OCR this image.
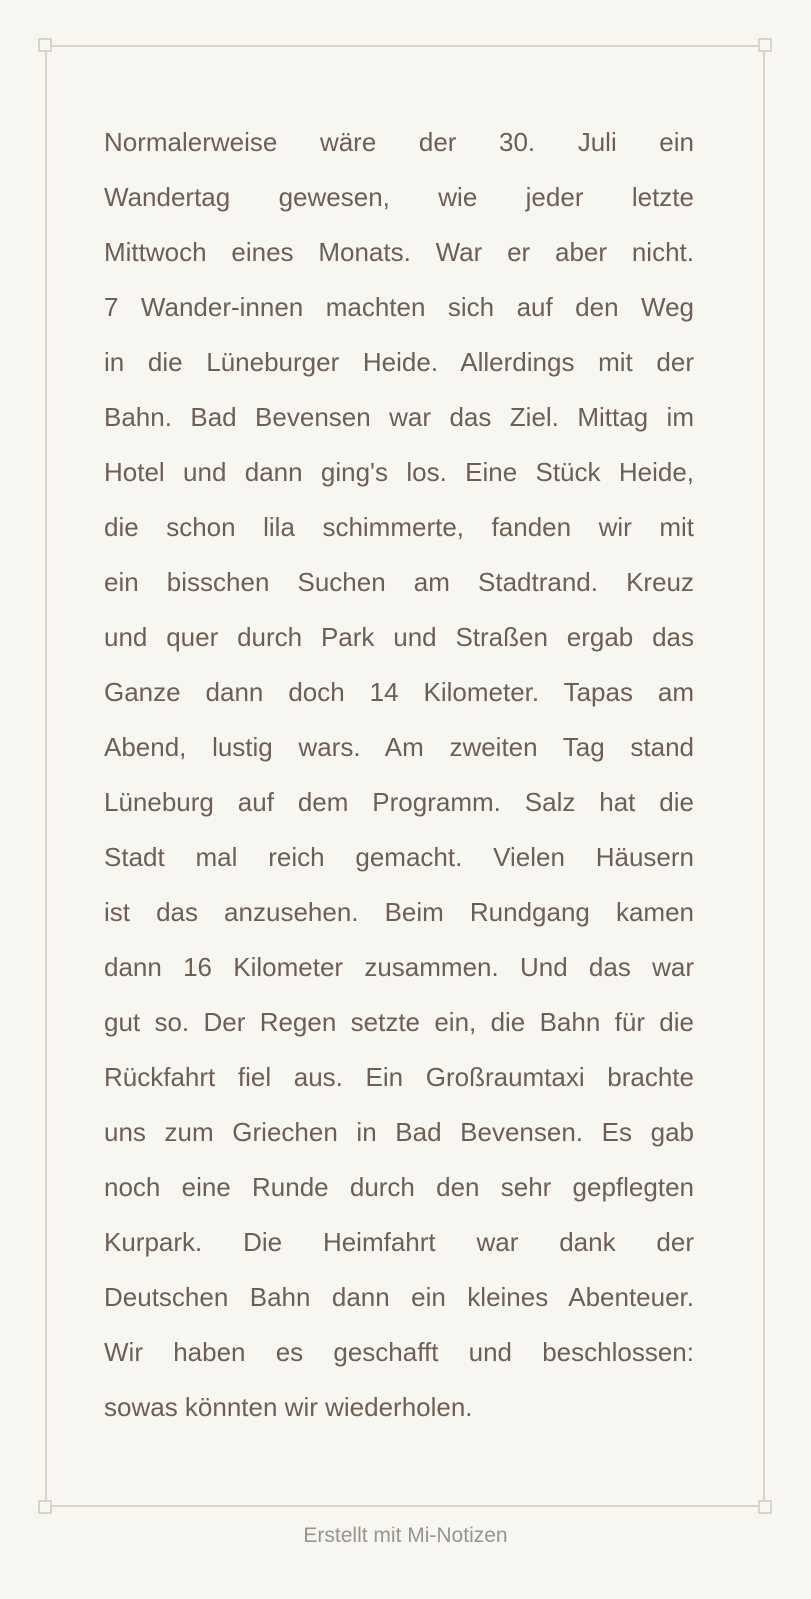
Normalerweise wäre der 30. Juli ein
Wandertag gewesen, wie jeder letzte
Mittwoch eines Monats. War er aber nicht.
7 Wander-innen machten sich auf den Weg
in die Lüneburger Heide. Allerdings mit der
Bahn. Bad Bevensen war das Ziel. Mittag im
Hotel und dann ging's los. Eine Stück Heide,
die schon lila schimmerte, fanden wir mit
ein bisschen Suchen am Stadtrand. Kreuz
und quer durch Park und Straßen ergab das
Ganze dann doch 14 Kilometer. Tapas am
Abend, lustig wars. Am zweiten Tag stand
Lüneburg auf dem Programm. Salz hat die
Stadt mal reich gemacht. Vielen Häusern
ist das anzusehen. Beim Rundgang kamen
dann 16 Kilometer zusammen. Und das war
gut so. Der Regen setzte ein, die Bahn für die
Rückfahrt fiel aus. Ein Großraumtaxi brachte
uns zum Griechen in Bad Bevensen. Es gab
noch eine Runde durch den sehr gepflegten
Kurpark. Die Heimfahrt war dank der
Deutschen Bahn dann ein kleines Abenteuer.
Wir haben es geschafft und beschlossen:
sowas könnten wir wiederholen.
Erstellt mit Mi-Notizen
